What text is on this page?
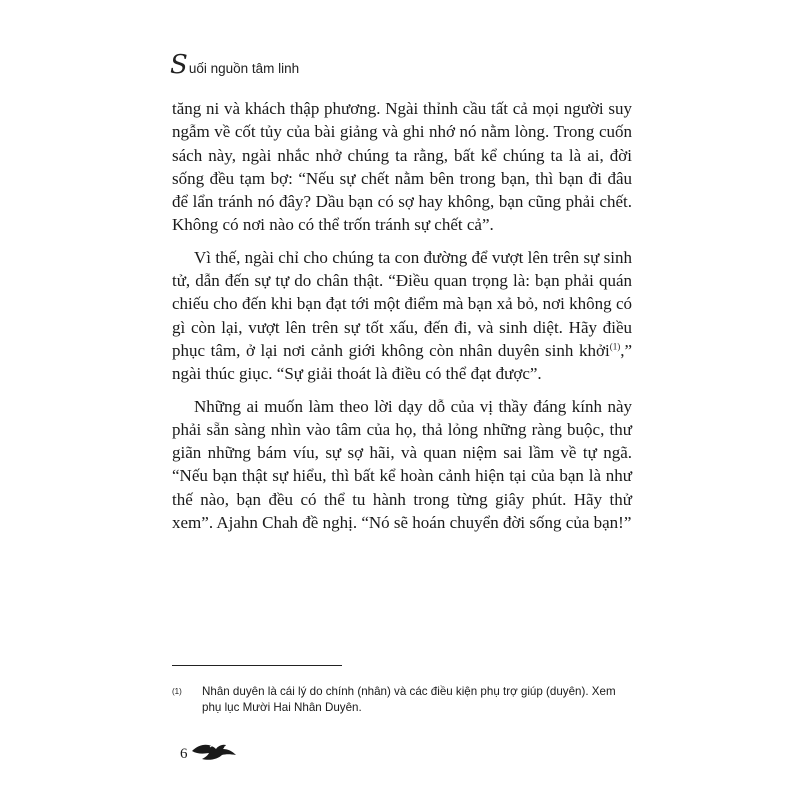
S uối nguồn tâm linh

tăng ni và khách thập phương. Ngài thỉnh cầu tất cả mọi người suy ngẫm về cốt tủy của bài giảng và ghi nhớ nó nằm lòng. Trong cuốn sách này, ngài nhắc nhở chúng ta rằng, bất kể chúng ta là ai, đời sống đều tạm bợ: “Nếu sự chết nằm bên trong bạn, thì bạn đi đâu để lẩn tránh nó đây? Dầu bạn có sợ hay không, bạn cũng phải chết. Không có nơi nào có thể trốn tránh sự chết cả”.

Vì thế, ngài chỉ cho chúng ta con đường để vượt lên trên sự sinh tử, dẫn đến sự tự do chân thật. “Điều quan trọng là: bạn phải quán chiếu cho đến khi bạn đạt tới một điểm mà bạn xả bỏ, nơi không có gì còn lại, vượt lên trên sự tốt xấu, đến đi, và sinh diệt. Hãy điều phục tâm, ở lại nơi cảnh giới không còn nhân duyên sinh khởi$^{(1)}$,” ngài thúc giục. “Sự giải thoát là điều có thể đạt được”.

Những ai muốn làm theo lời dạy dỗ của vị thầy đáng kính này phải sẵn sàng nhìn vào tâm của họ, thả lỏng những ràng buộc, thư giãn những bám víu, sự sợ hãi, và quan niệm sai lầm về tự ngã. “Nếu bạn thật sự hiểu, thì bất kể hoàn cảnh hiện tại của bạn là như thế nào, bạn đều có thể tu hành trong từng giây phút. Hãy thử xem”. Ajahn Chah đề nghị. “Nó sẽ hoán chuyển đời sống của bạn!”

(1)	Nhân duyên là cái lý do chính (nhân) và các điều kiện phụ trợ giúp (duyên). Xem phụ lục Mười Hai Nhân Duyên.
6
